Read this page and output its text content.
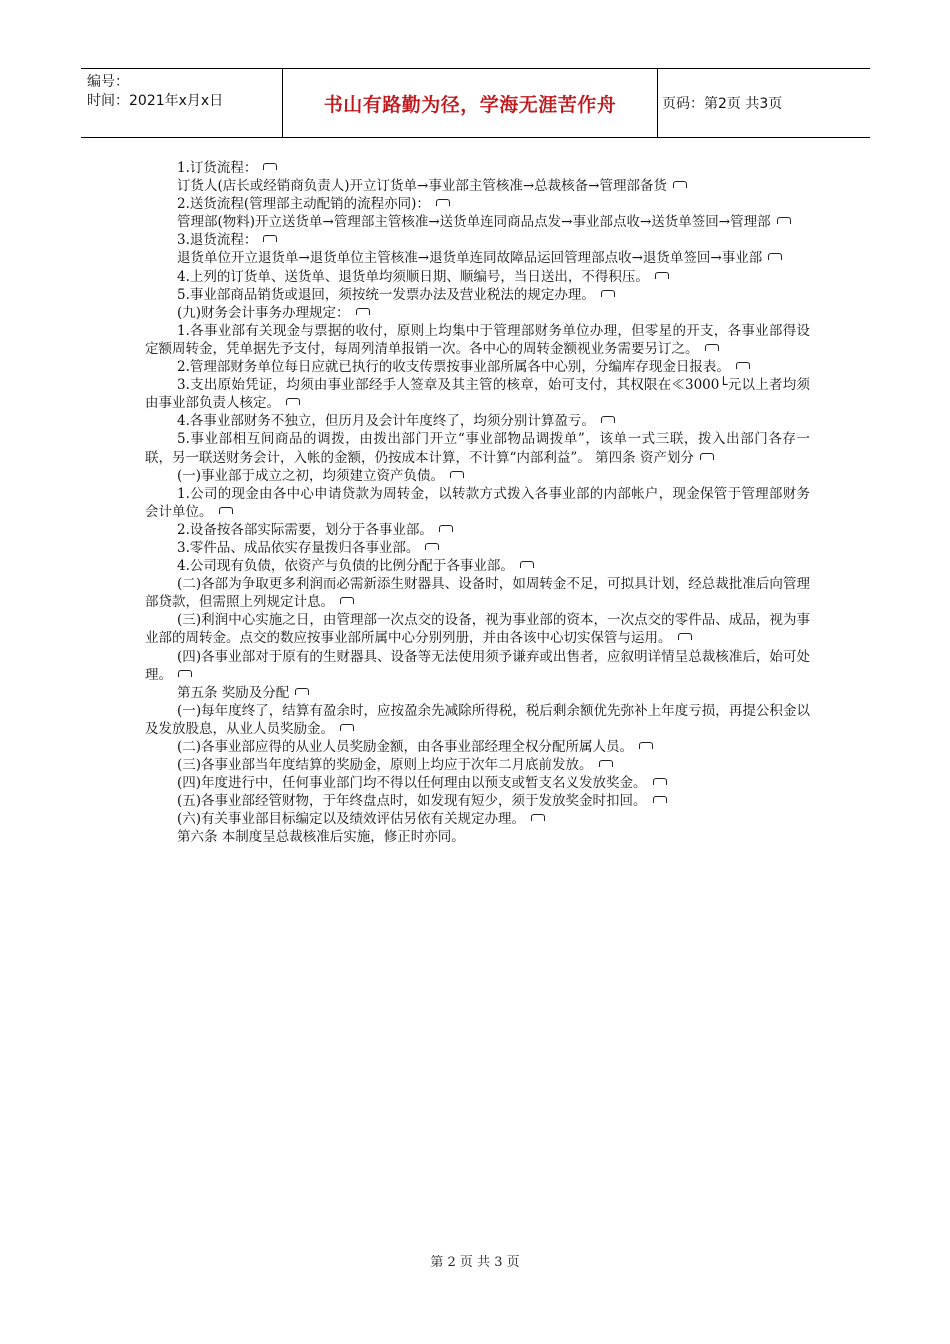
编号：
时间：2021年x月x日	书山有路勤为径，学海无涯苦作舟	页码：第2页 共3页

1.订货流程：

订货人(店长或经销商负责人)开立订货单→事业部主管核准→总裁核备→管理部备货

2.送货流程(管理部主动配销的流程亦同)：

管理部(物料)开立送货单→管理部主管核准→送货单连同商品点发→事业部点收→送货单签回→管理部

3.退货流程：

退货单位开立退货单→退货单位主管核准→退货单连同故障品运回管理部点收→退货单签回→事业部

4.上列的订货单、送货单、退货单均须顺日期、顺编号，当日送出，不得积压。

5.事业部商品销货或退回，须按统一发票办法及营业税法的规定办理。

(九)财务会计事务办理规定：

1.各事业部有关现金与票据的收付，原则上均集中于管理部财务单位办理，但零星的开支，各事业部得设定额周转金，凭单据先予支付，每周列清单报销一次。各中心的周转金额视业务需要另订之。

2.管理部财务单位每日应就已执行的收支传票按事业部所属各中心别，分编库存现金日报表。

3.支出原始凭证，均须由事业部经手人签章及其主管的核章，始可支付，其权限在≪3000└元以上者均须由事业部负责人核定。

4.各事业部财务不独立，但历月及会计年度终了，均须分别计算盈亏。

5.事业部相互间商品的调拨，由拨出部门开立“事业部物品调拨单”，该单一式三联，拨入出部门各存一联，另一联送财务会计，入帐的金额，仍按成本计算，不计算“内部利益”。 第四条 资产划分

(一)事业部于成立之初，均须建立资产负债。

1.公司的现金由各中心申请贷款为周转金，以转款方式拨入各事业部的内部帐户，现金保管于管理部财务会计单位。

2.设备按各部实际需要，划分于各事业部。

3.零件品、成品依实存量拨归各事业部。

4.公司现有负债，依资产与负债的比例分配于各事业部。

(二)各部为争取更多利润而必需新添生财器具、设备时，如周转金不足，可拟具计划，经总裁批准后向管理部贷款，但需照上列规定计息。

(三)利润中心实施之日，由管理部一次点交的设备，视为事业部的资本，一次点交的零件品、成品，视为事业部的周转金。点交的数应按事业部所属中心分别列册，并由各该中心切实保管与运用。

(四)各事业部对于原有的生财器具、设备等无法使用须予谦弃或出售者，应叙明详情呈总裁核准后，始可处理。

第五条 奖励及分配

(一)每年度终了，结算有盈余时，应按盈余先减除所得税，税后剩余额优先弥补上年度亏损，再提公积金以及发放股息，从业人员奖励金。

(二)各事业部应得的从业人员奖励金额，由各事业部经理全权分配所属人员。

(三)各事业部当年度结算的奖励金，原则上均应于次年二月底前发放。

(四)年度进行中，任何事业部门均不得以任何理由以预支或暂支名义发放奖金。

(五)各事业部经管财物，于年终盘点时，如发现有短少，须于发放奖金时扣回。

(六)有关事业部目标编定以及绩效评估另依有关规定办理。

第六条 本制度呈总裁核准后实施，修正时亦同。

第 2 页 共 3 页
